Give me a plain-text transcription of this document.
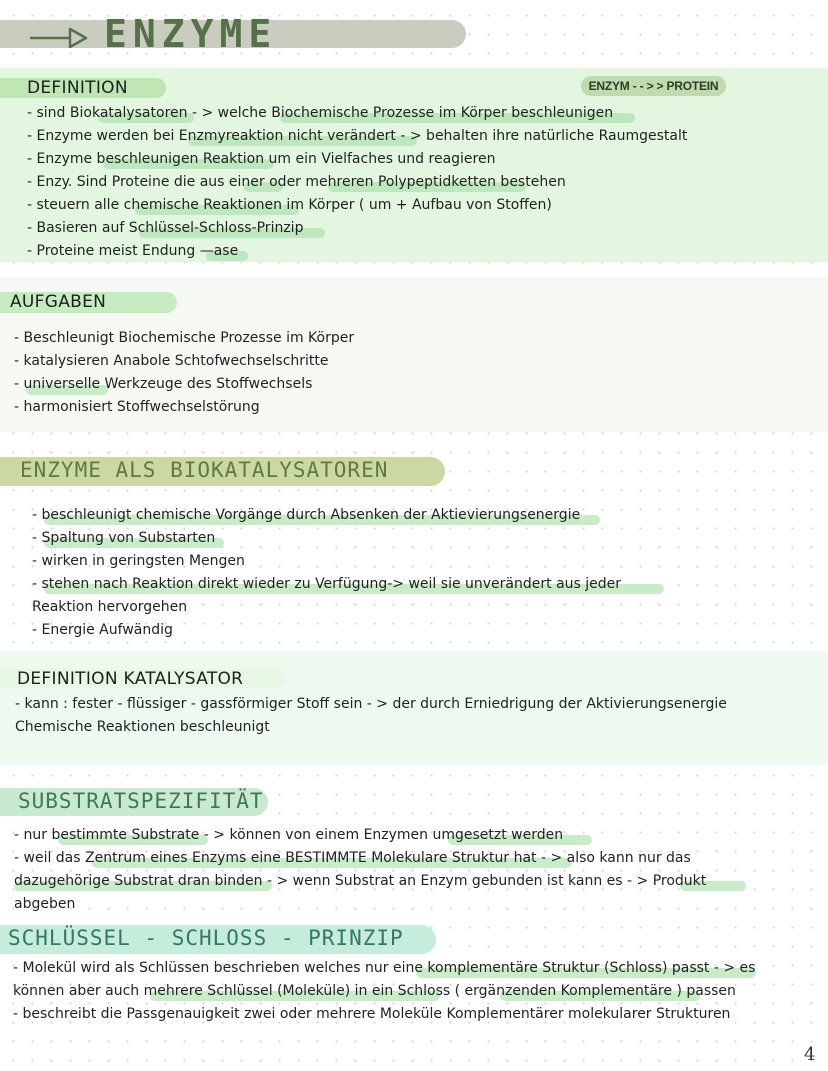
ENZYME
DEFINITION	ENZYM - - > > PROTEIN
- sind Biokatalysatoren - > welche Biochemische Prozesse im Körper beschleunigen
- Enzyme werden bei Enzmyreaktion nicht verändert - > behalten ihre natürliche Raumgestalt
- Enzyme beschleunigen Reaktion um ein Vielfaches und reagieren
- Enzy. Sind Proteine die aus einer oder mehreren Polypeptidketten bestehen
- steuern alle chemische Reaktionen im Körper ( um + Aufbau von Stoffen)
- Basieren auf Schlüssel-Schloss-Prinzip
- Proteine meist Endung —ase
AUFGABEN
- Beschleunigt Biochemische Prozesse im Körper
- katalysieren Anabole Schtofwechselschritte
- universelle Werkzeuge des Stoffwechsels
- harmonisiert Stoffwechselstörung
ENZYME ALS BIOKATALYSATOREN
- beschleunigt chemische Vorgänge durch Absenken der Aktievierungsenergie
- Spaltung von Substarten
- wirken in geringsten Mengen
- stehen nach Reaktion direkt wieder zu Verfügung-> weil sie unverändert aus jeder
Reaktion hervorgehen
- Energie Aufwändig
DEFINITION KATALYSATOR
- kann : fester - flüssiger - gassförmiger Stoff sein - > der durch Erniedrigung der Aktivierungsenergie
Chemische Reaktionen beschleunigt
SUBSTRATSPEZIFITÄT
- nur bestimmte Substrate - > können von einem Enzymen umgesetzt werden
- weil das Zentrum eines Enzyms eine BESTIMMTE Molekulare Struktur hat - > also kann nur das
dazugehörige Substrat dran binden - > wenn Substrat an Enzym gebunden ist kann es - > Produkt
abgeben
SCHLÜSSEL - SCHLOSS - PRINZIP
- Molekül wird als Schlüssen beschrieben welches nur eine komplementäre Struktur (Schloss) passt - > es
können aber auch mehrere Schlüssel (Moleküle) in ein Schloss ( ergänzenden Komplementäre ) passen
- beschreibt die Passgenauigkeit zwei oder mehrere Moleküle Komplementärer molekularer Strukturen
4
